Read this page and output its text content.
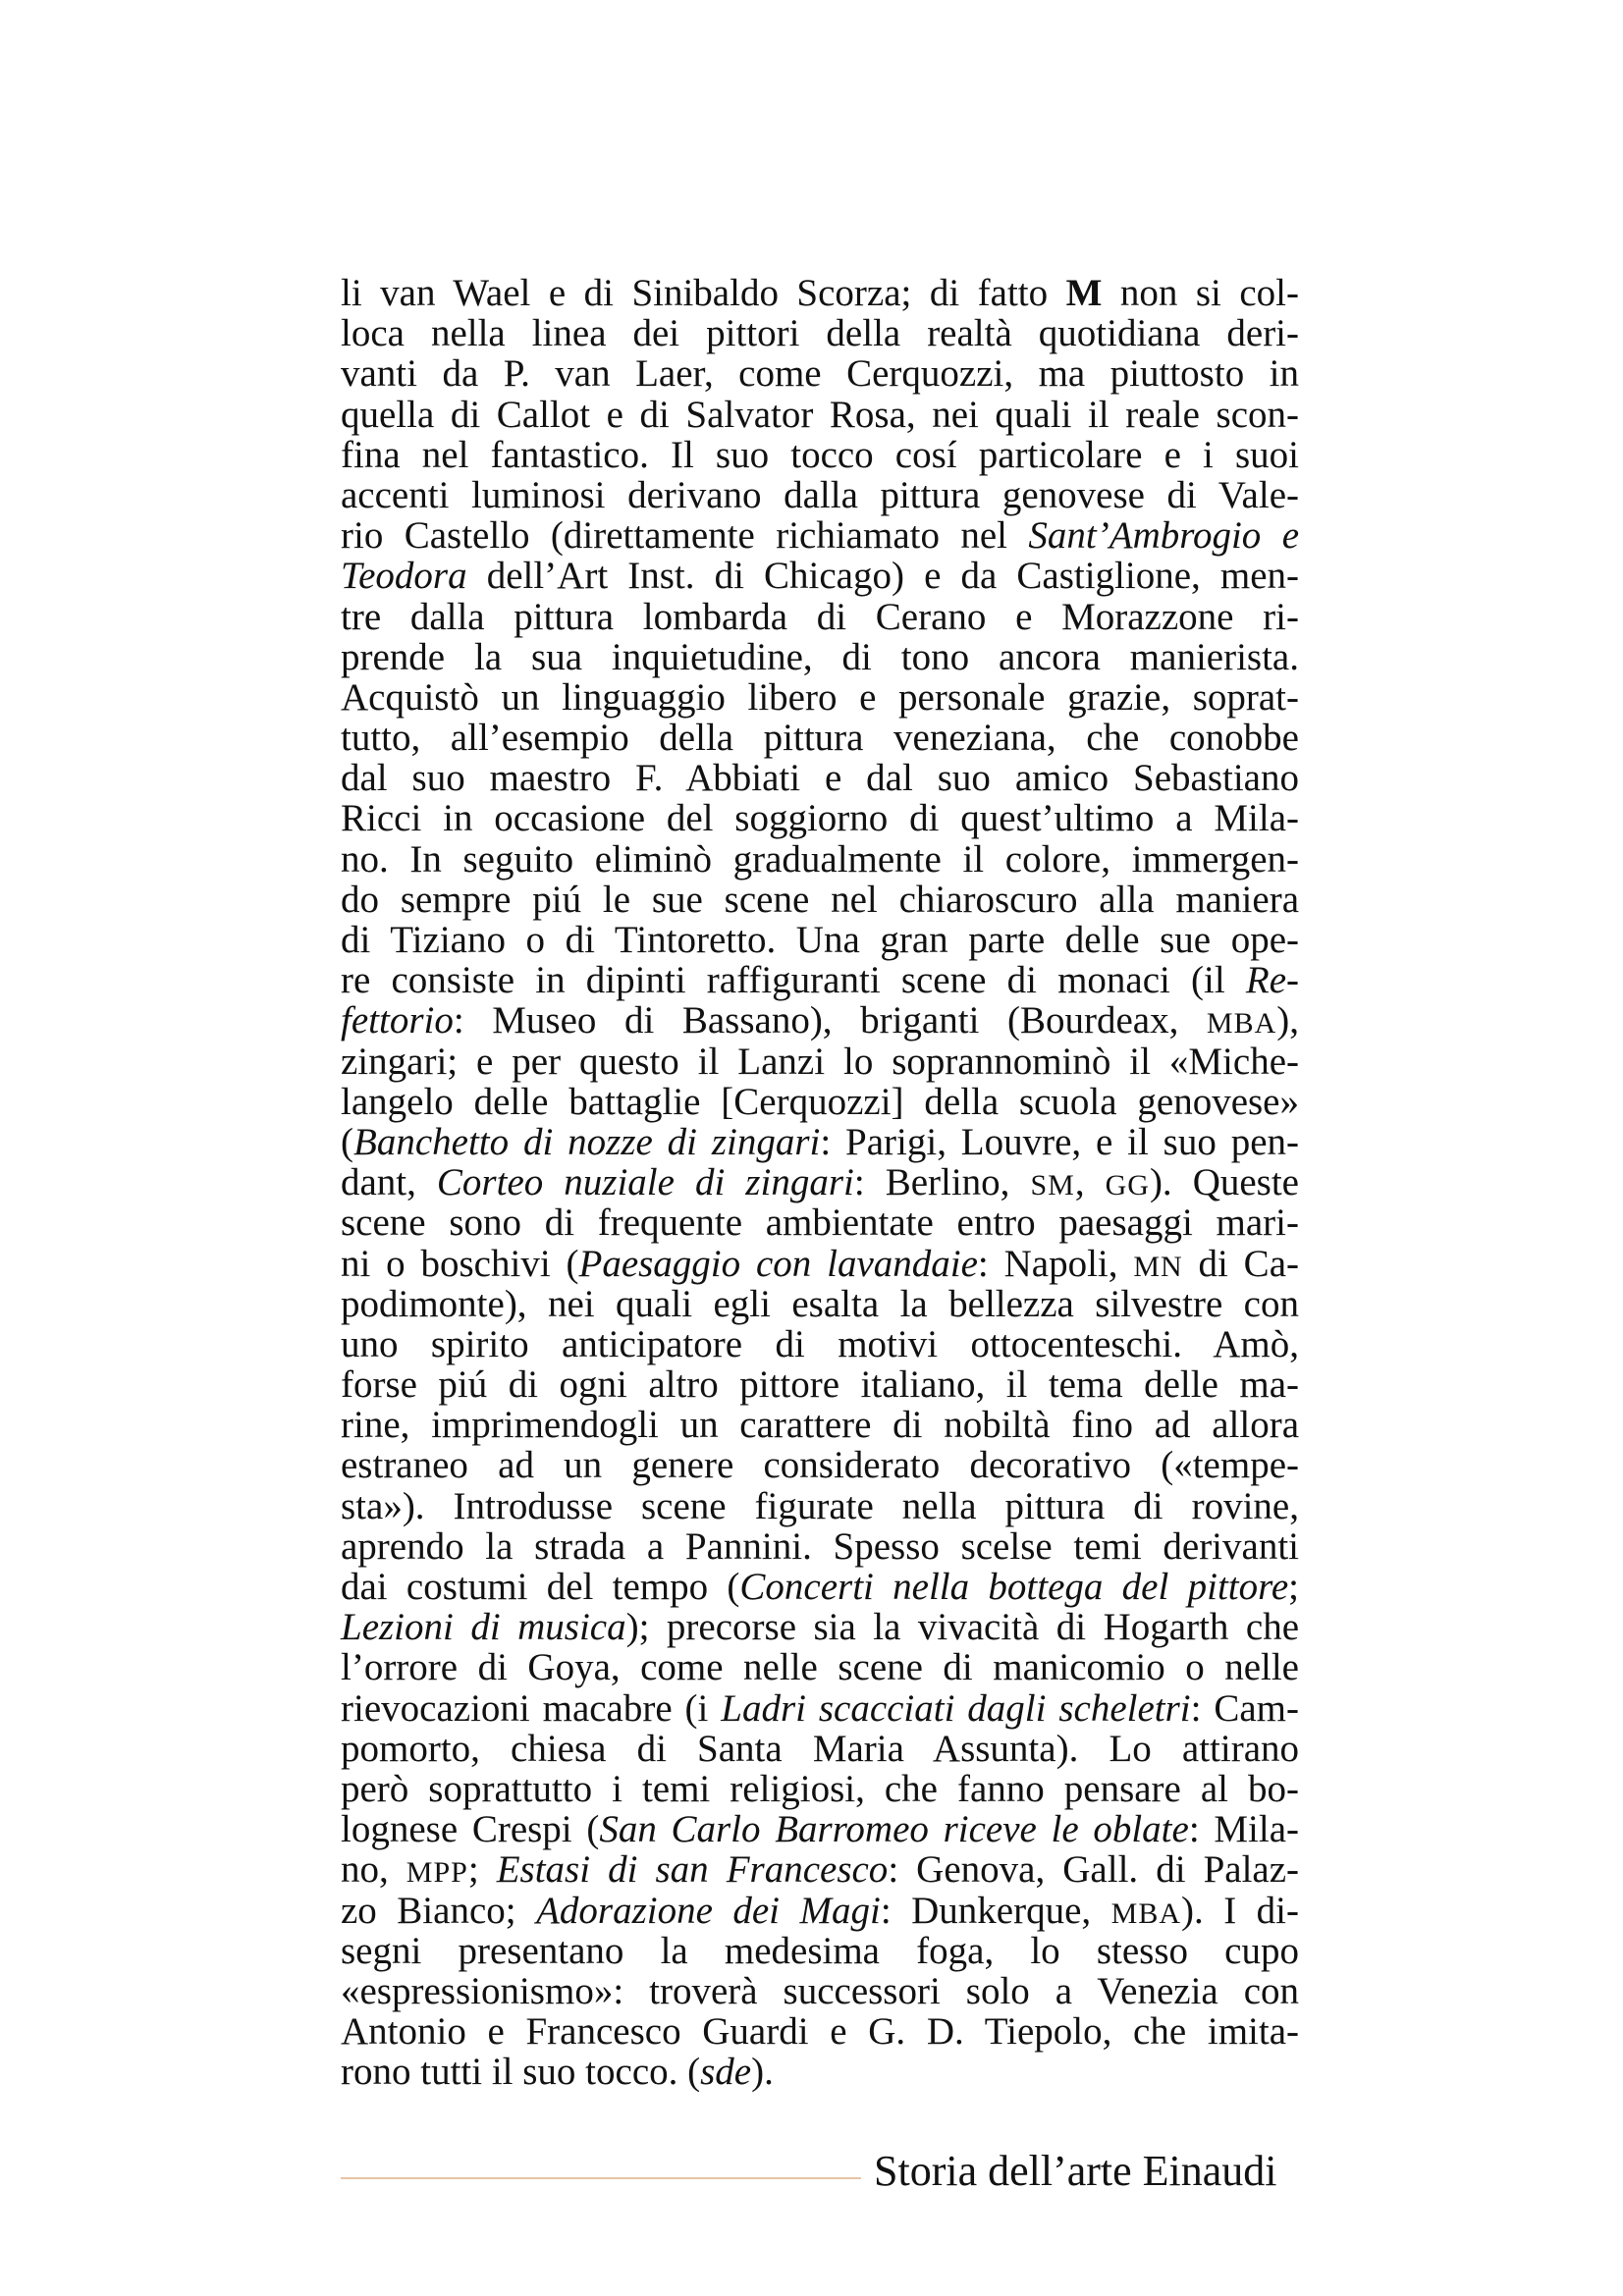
li van Wael e di Sinibaldo Scorza; di fatto M non si col-
loca nella linea dei pittori della realtà quotidiana deri-
vanti da P. van Laer, come Cerquozzi, ma piuttosto in
quella di Callot e di Salvator Rosa, nei quali il reale scon-
fina nel fantastico. Il suo tocco cosí particolare e i suoi
accenti luminosi derivano dalla pittura genovese di Vale-
rio Castello (direttamente richiamato nel Sant’Ambrogio e
Teodora dell’Art Inst. di Chicago) e da Castiglione, men-
tre dalla pittura lombarda di Cerano e Morazzone ri-
prende la sua inquietudine, di tono ancora manierista.
Acquistò un linguaggio libero e personale grazie, soprat-
tutto, all’esempio della pittura veneziana, che conobbe
dal suo maestro F. Abbiati e dal suo amico Sebastiano
Ricci in occasione del soggiorno di quest’ultimo a Mila-
no. In seguito eliminò gradualmente il colore, immergen-
do sempre piú le sue scene nel chiaroscuro alla maniera
di Tiziano o di Tintoretto. Una gran parte delle sue ope-
re consiste in dipinti raffiguranti scene di monaci (il Re-
fettorio: Museo di Bassano), briganti (Bourdeax, MBA),
zingari; e per questo il Lanzi lo soprannominò il «Miche-
langelo delle battaglie [Cerquozzi] della scuola genovese»
(Banchetto di nozze di zingari: Parigi, Louvre, e il suo pen-
dant, Corteo nuziale di zingari: Berlino, SM, GG). Queste
scene sono di frequente ambientate entro paesaggi mari-
ni o boschivi (Paesaggio con lavandaie: Napoli, MN di Ca-
podimonte), nei quali egli esalta la bellezza silvestre con
uno spirito anticipatore di motivi ottocenteschi. Amò,
forse piú di ogni altro pittore italiano, il tema delle ma-
rine, imprimendogli un carattere di nobiltà fino ad allora
estraneo ad un genere considerato decorativo («tempe-
sta»). Introdusse scene figurate nella pittura di rovine,
aprendo la strada a Pannini. Spesso scelse temi derivanti
dai costumi del tempo (Concerti nella bottega del pittore;
Lezioni di musica); precorse sia la vivacità di Hogarth che
l’orrore di Goya, come nelle scene di manicomio o nelle
rievocazioni macabre (i Ladri scacciati dagli scheletri: Cam-
pomorto, chiesa di Santa Maria Assunta). Lo attirano
però soprattutto i temi religiosi, che fanno pensare al bo-
lognese Crespi (San Carlo Barromeo riceve le oblate: Mila-
no, MPP; Estasi di san Francesco: Genova, Gall. di Palaz-
zo Bianco; Adorazione dei Magi: Dunkerque, MBA). I di-
segni presentano la medesima foga, lo stesso cupo
«espressionismo»: troverà successori solo a Venezia con
Antonio e Francesco Guardi e G. D. Tiepolo, che imita-
rono tutti il suo tocco. (sde).
Storia dell’arte Einaudi
